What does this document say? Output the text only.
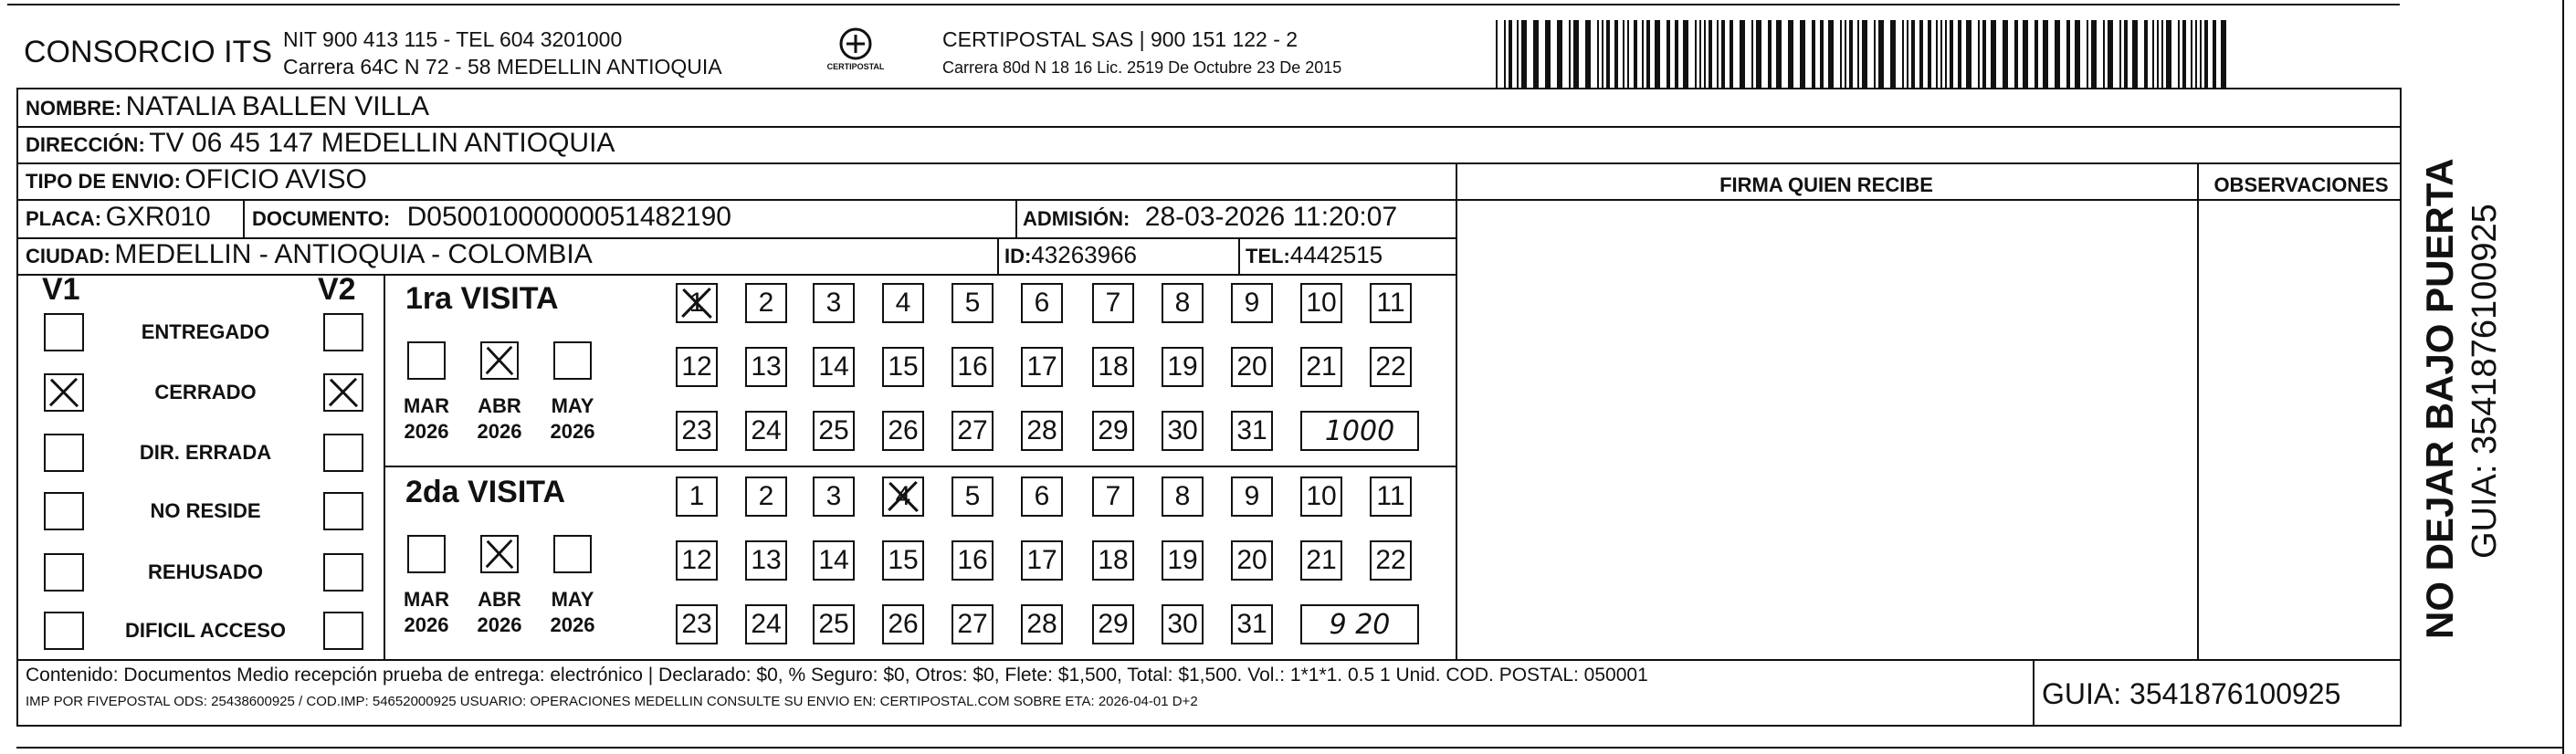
CONSORCIO ITS NIT 900 413 115 - TEL 604 3201000
Carrera 64C N 72 - 58 MEDELLIN ANTIOQUIA	CERTIPOSTAL
CERTIPOSTAL SAS | 900 151 122 - 2
Carrera 80d N 18 16 Lic. 2519 De Octubre 23 De 2015
NOMBRE: NATALIA BALLEN VILLA
DIRECCIÓN: TV 06 45 147 MEDELLIN ANTIOQUIA
TIPO DE ENVIO: OFICIO AVISO
PLACA: GXR010 DOCUMENTO: D05001000000051482190	ADMISIÓN: 28-03-2026 11:20:07
CIUDAD: MEDELLIN - ANTIOQUIA - COLOMBIA	ID:43263966	TEL:4442515
FIRMA QUIEN RECIBE	OBSERVACIONES
V1	V2
ENTREGADO
CERRADO
DIR. ERRADA
NO RESIDE
REHUSADO
DIFICIL ACCESO
1ra VISITA
MAR
2026
ABR
2026
MAY
2026
1 2 3 4 5 6 7 8 9 10 11
12 13 14 15 16 17 18 19 20 21 22
23 24 25 26 27 28 29 30 31 1000
2da VISITA
MAR
2026
ABR
2026
MAY
2026
1 2 3 4 5 6 7 8 9 10 11
12 13 14 15 16 17 18 19 20 21 22
23 24 25 26 27 28 29 30 31 9 20
Contenido: Documentos Medio recepción prueba de entrega: electrónico | Declarado: $0, % Seguro: $0, Otros: $0, Flete: $1,500, Total: $1,500. Vol.: 1*1*1. 0.5 1 Unid. COD. POSTAL: 050001
IMP POR FIVEPOSTAL ODS: 25438600925 / COD.IMP: 54652000925 USUARIO: OPERACIONES MEDELLIN CONSULTE SU ENVIO EN: CERTIPOSTAL.COM SOBRE ETA: 2026-04-01 D+2	GUIA: 3541876100925
NO DEJAR BAJO PUERTA GUIA: 3541876100925
